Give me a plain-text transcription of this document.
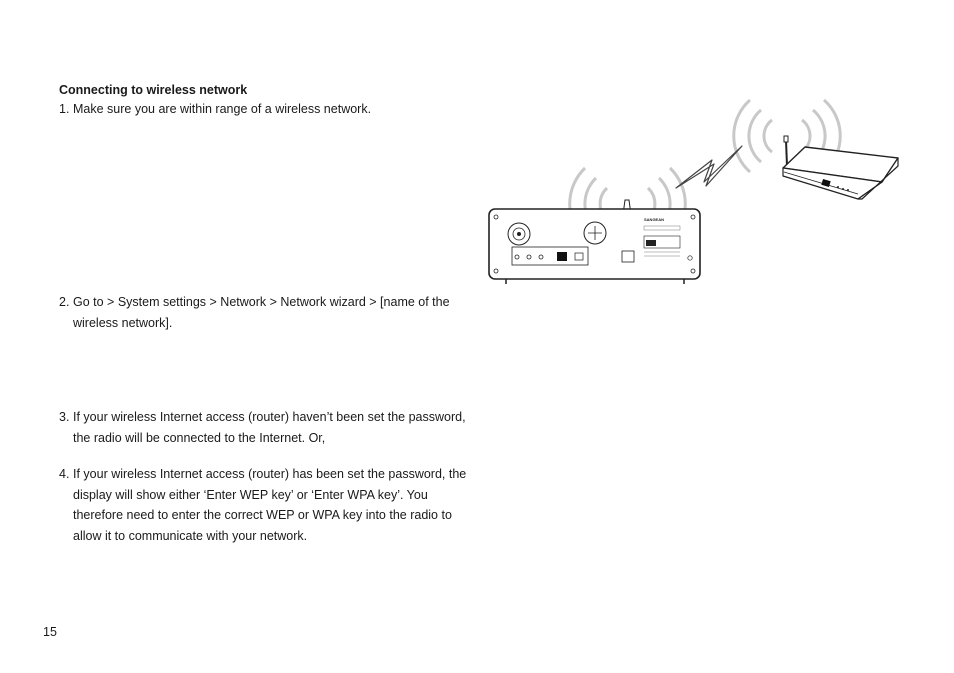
Connecting to wireless network
1. Make sure you are within range of a wireless network.
2. Go to > System settings > Network > Network wizard > [name of the wireless network].
3. If your wireless Internet access (router) haven’t been set the password, the radio will be connected to the Internet. Or,
4. If your wireless Internet access (router) has been set the password, the display will show either ‘Enter WEP key’ or ‘Enter WPA key’. You therefore need to enter the correct WEP or WPA key into the radio to allow it to communicate with your network.
15
SANGEAN
